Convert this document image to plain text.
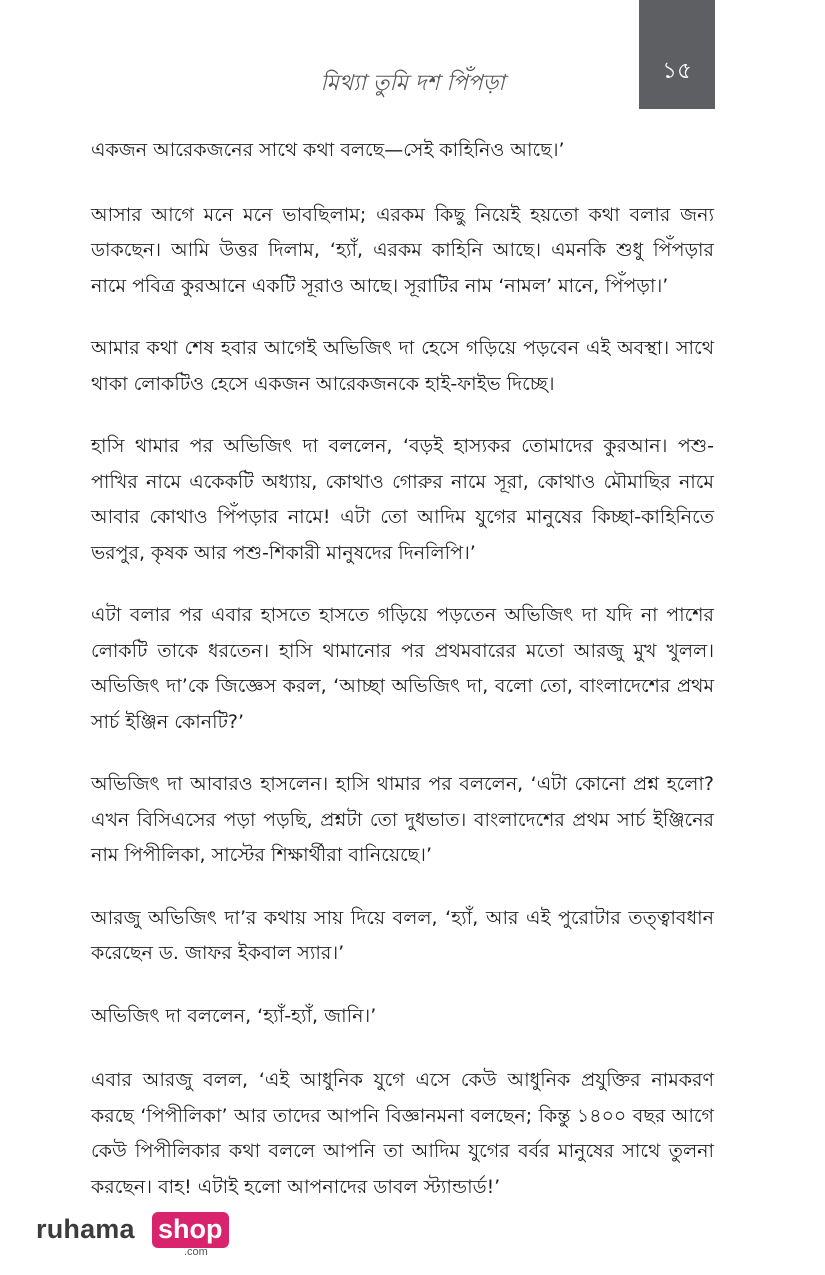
মিথ্যা তুমি দশ পিঁপড়া	১৫

একজন আরেকজনের সাথে কথা বলছে—সেই কাহিনিও আছে।’

আসার আগে মনে মনে ভাবছিলাম; এরকম কিছু নিয়েই হয়তো কথা বলার জন্য ডাকছেন। আমি উত্তর দিলাম, ‘হ্যাঁ, এরকম কাহিনি আছে। এমনকি শুধু পিঁপড়ার নামে পবিত্র কুরআনে একটি সূরাও আছে। সূরাটির নাম ‘নামল’ মানে, পিঁপড়া।’

আমার কথা শেষ হবার আগেই অভিজিৎ দা হেসে গড়িয়ে পড়বেন এই অবস্থা। সাথে থাকা লোকটিও হেসে একজন আরেকজনকে হাই-ফাইভ দিচ্ছে।

হাসি থামার পর অভিজিৎ দা বললেন, ‘বড়ই হাস্যকর তোমাদের কুরআন। পশু-পাখির নামে একেকটি অধ্যায়, কোথাও গোরুর নামে সূরা, কোথাও মৌমাছির নামে আবার কোথাও পিঁপড়ার নামে! এটা তো আদিম যুগের মানুষের কিচ্ছা-কাহিনিতে ভরপুর, কৃষক আর পশু-শিকারী মানুষদের দিনলিপি।’

এটা বলার পর এবার হাসতে হাসতে গড়িয়ে পড়তেন অভিজিৎ দা যদি না পাশের লোকটি তাকে ধরতেন। হাসি থামানোর পর প্রথমবারের মতো আরজু মুখ খুলল। অভিজিৎ দা’কে জিজ্ঞেস করল, ‘আচ্ছা অভিজিৎ দা, বলো তো, বাংলাদেশের প্রথম সার্চ ইঞ্জিন কোনটি?’

অভিজিৎ দা আবারও হাসলেন। হাসি থামার পর বললেন, ‘এটা কোনো প্রশ্ন হলো? এখন বিসিএসের পড়া পড়ছি, প্রশ্নটা তো দুধভাত। বাংলাদেশের প্রথম সার্চ ইঞ্জিনের নাম পিপীলিকা, সাস্টের শিক্ষার্থীরা বানিয়েছে।’

আরজু অভিজিৎ দা’র কথায় সায় দিয়ে বলল, ‘হ্যাঁ, আর এই পুরোটার তত্ত্বাবধান করেছেন ড. জাফর ইকবাল স্যার।’

অভিজিৎ দা বললেন, ‘হ্যাঁ-হ্যাঁ, জানি।’

এবার আরজু বলল, ‘এই আধুনিক যুগে এসে কেউ আধুনিক প্রযুক্তির নামকরণ করছে ‘পিপীলিকা’ আর তাদের আপনি বিজ্ঞানমনা বলছেন; কিন্তু ১৪০০ বছর আগে কেউ পিপীলিকার কথা বললে আপনি তা আদিম যুগের বর্বর মানুষের সাথে তুলনা করছেন। বাহ! এটাই হলো আপনাদের ডাবল স্ট্যান্ডার্ড!’

ruhama shop
.com
